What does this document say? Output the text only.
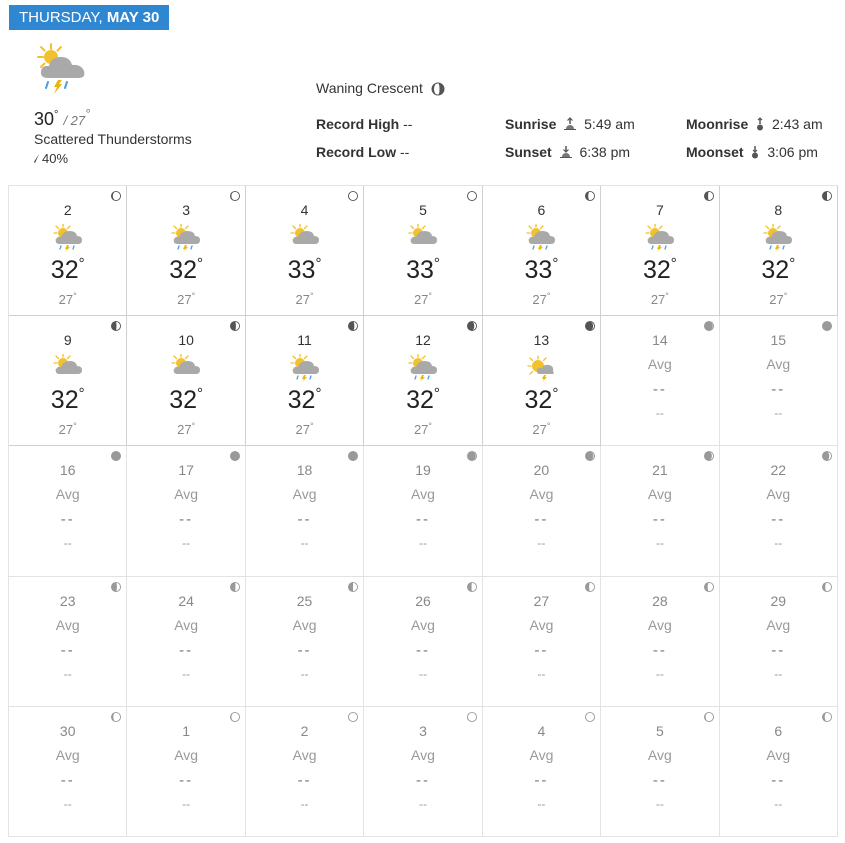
THURSDAY, MAY 30
30° / 27°
Scattered Thunderstorms
40%
Waning Crescent
Record High --
Record Low --
Sunrise 5:49 am
Sunset 6:38 pm
Moonrise 2:43 am
Moonset 3:06 pm
2
32°
27°
3
32°
27°
4
33°
27°
5
33°
27°
6
33°
27°
7
32°
27°
8
32°
27°
9
32°
27°
10
32°
27°
11
32°
27°
12
32°
27°
13
32°
27°
14
Avg
--
--
15
Avg
--
--
16
Avg
--
--
17
Avg
--
--
18
Avg
--
--
19
Avg
--
--
20
Avg
--
--
21
Avg
--
--
22
Avg
--
--
23
Avg
--
--
24
Avg
--
--
25
Avg
--
--
26
Avg
--
--
27
Avg
--
--
28
Avg
--
--
29
Avg
--
--
30
Avg
--
--
1
Avg
--
--
2
Avg
--
--
3
Avg
--
--
4
Avg
--
--
5
Avg
--
--
6
Avg
--
--
